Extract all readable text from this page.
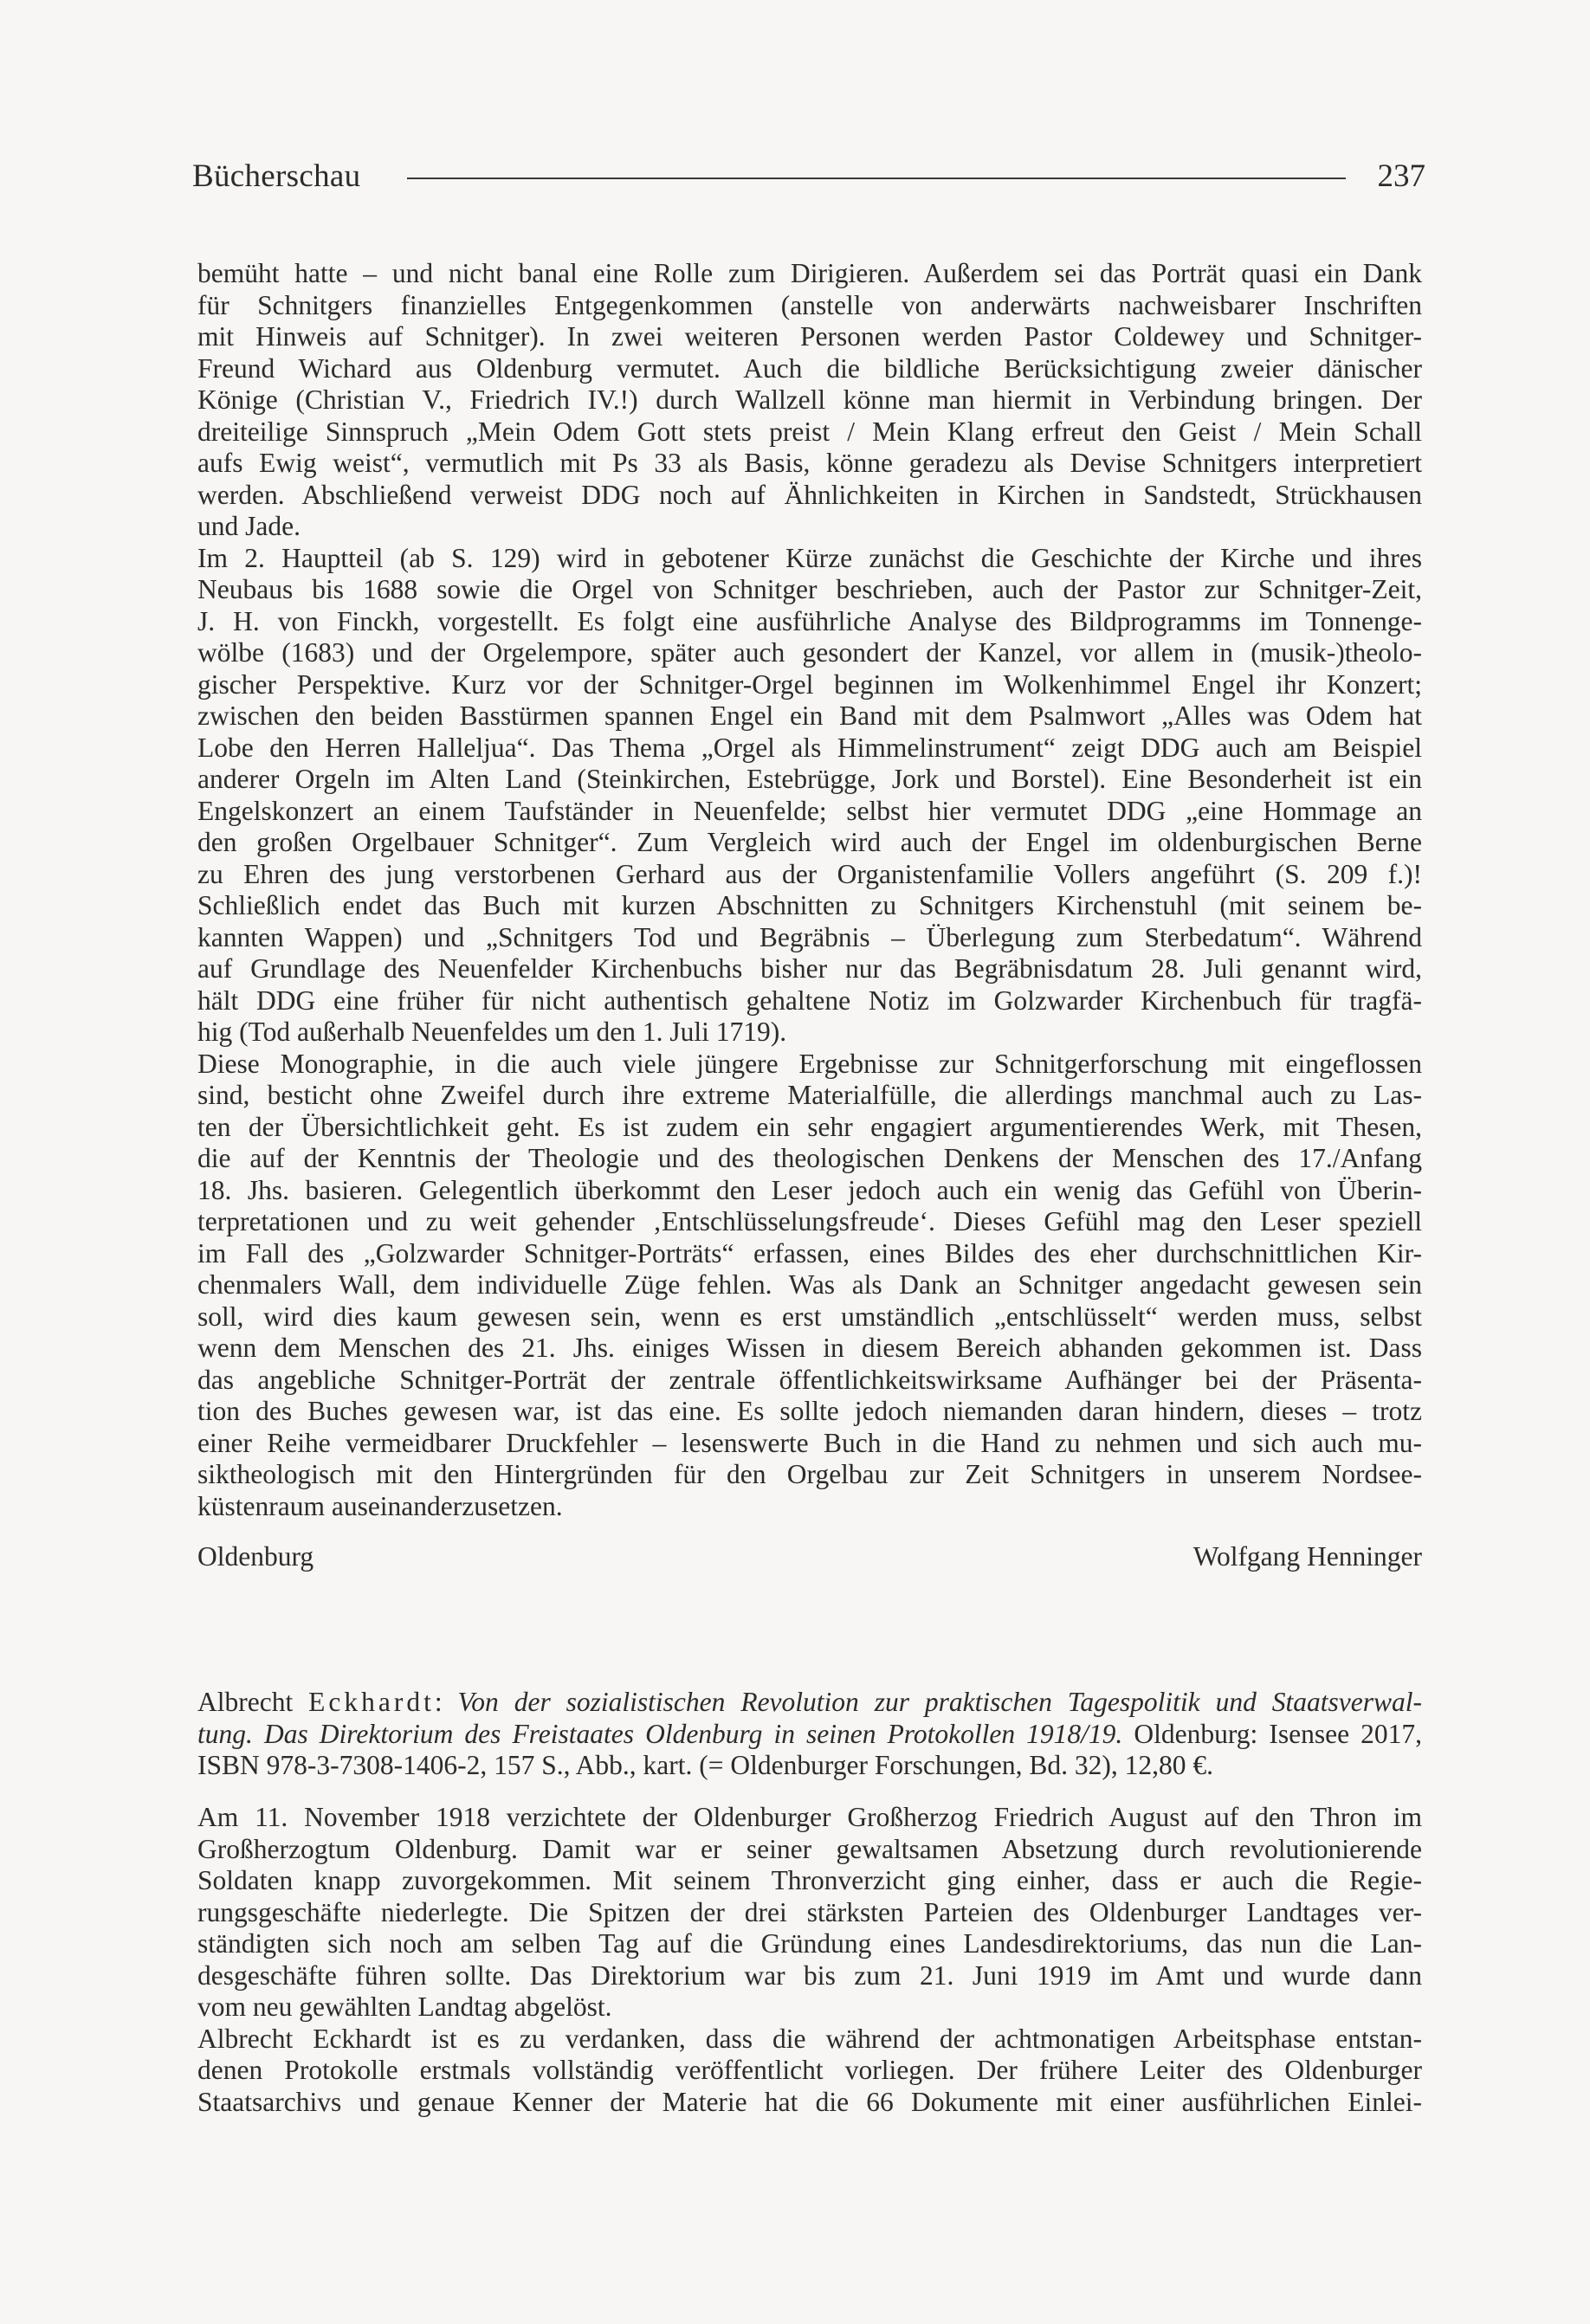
Bücherschau	237
bemüht hatte – und nicht banal eine Rolle zum Dirigieren. Außerdem sei das Porträt quasi ein Dank
für Schnitgers finanzielles Entgegenkommen (anstelle von anderwärts nachweisbarer Inschriften
mit Hinweis auf Schnitger). In zwei weiteren Personen werden Pastor Coldewey und Schnitger-
Freund Wichard aus Oldenburg vermutet. Auch die bildliche Berücksichtigung zweier dänischer
Könige (Christian V., Friedrich IV.!) durch Wallzell könne man hiermit in Verbindung bringen. Der
dreiteilige Sinnspruch „Mein Odem Gott stets preist / Mein Klang erfreut den Geist / Mein Schall
aufs Ewig weist“, vermutlich mit Ps 33 als Basis, könne geradezu als Devise Schnitgers interpretiert
werden. Abschließend verweist DDG noch auf Ähnlichkeiten in Kirchen in Sandstedt, Strückhausen
und Jade.
Im 2. Hauptteil (ab S. 129) wird in gebotener Kürze zunächst die Geschichte der Kirche und ihres
Neubaus bis 1688 sowie die Orgel von Schnitger beschrieben, auch der Pastor zur Schnitger-Zeit,
J. H. von Finckh, vorgestellt. Es folgt eine ausführliche Analyse des Bildprogramms im Tonnenge-
wölbe (1683) und der Orgelempore, später auch gesondert der Kanzel, vor allem in (musik-)theolo-
gischer Perspektive. Kurz vor der Schnitger-Orgel beginnen im Wolkenhimmel Engel ihr Konzert;
zwischen den beiden Basstürmen spannen Engel ein Band mit dem Psalmwort „Alles was Odem hat
Lobe den Herren Halleljua“. Das Thema „Orgel als Himmelinstrument“ zeigt DDG auch am Beispiel
anderer Orgeln im Alten Land (Steinkirchen, Estebrügge, Jork und Borstel). Eine Besonderheit ist ein
Engelskonzert an einem Taufständer in Neuenfelde; selbst hier vermutet DDG „eine Hommage an
den großen Orgelbauer Schnitger“. Zum Vergleich wird auch der Engel im oldenburgischen Berne
zu Ehren des jung verstorbenen Gerhard aus der Organistenfamilie Vollers angeführt (S. 209 f.)!
Schließlich endet das Buch mit kurzen Abschnitten zu Schnitgers Kirchenstuhl (mit seinem be-
kannten Wappen) und „Schnitgers Tod und Begräbnis – Überlegung zum Sterbedatum“. Während
auf Grundlage des Neuenfelder Kirchenbuchs bisher nur das Begräbnisdatum 28. Juli genannt wird,
hält DDG eine früher für nicht authentisch gehaltene Notiz im Golzwarder Kirchenbuch für tragfä-
hig (Tod außerhalb Neuenfeldes um den 1. Juli 1719).
Diese Monographie, in die auch viele jüngere Ergebnisse zur Schnitgerforschung mit eingeflossen
sind, besticht ohne Zweifel durch ihre extreme Materialfülle, die allerdings manchmal auch zu Las-
ten der Übersichtlichkeit geht. Es ist zudem ein sehr engagiert argumentierendes Werk, mit Thesen,
die auf der Kenntnis der Theologie und des theologischen Denkens der Menschen des 17./Anfang
18. Jhs. basieren. Gelegentlich überkommt den Leser jedoch auch ein wenig das Gefühl von Überin-
terpretationen und zu weit gehender ‚Entschlüsselungsfreude‘. Dieses Gefühl mag den Leser speziell
im Fall des „Golzwarder Schnitger-Porträts“ erfassen, eines Bildes des eher durchschnittlichen Kir-
chenmalers Wall, dem individuelle Züge fehlen. Was als Dank an Schnitger angedacht gewesen sein
soll, wird dies kaum gewesen sein, wenn es erst umständlich „entschlüsselt“ werden muss, selbst
wenn dem Menschen des 21. Jhs. einiges Wissen in diesem Bereich abhanden gekommen ist. Dass
das angebliche Schnitger-Porträt der zentrale öffentlichkeitswirksame Aufhänger bei der Präsenta-
tion des Buches gewesen war, ist das eine. Es sollte jedoch niemanden daran hindern, dieses – trotz
einer Reihe vermeidbarer Druckfehler – lesenswerte Buch in die Hand zu nehmen und sich auch mu-
siktheologisch mit den Hintergründen für den Orgelbau zur Zeit Schnitgers in unserem Nordsee-
küstenraum auseinanderzusetzen.
Oldenburg	Wolfgang Henninger
Albrecht Eckhardt: Von der sozialistischen Revolution zur praktischen Tagespolitik und Staatsverwal-
tung. Das Direktorium des Freistaates Oldenburg in seinen Protokollen 1918/19. Oldenburg: Isensee 2017,
ISBN 978-3-7308-1406-2, 157 S., Abb., kart. (= Oldenburger Forschungen, Bd. 32), 12,80 €.
Am 11. November 1918 verzichtete der Oldenburger Großherzog Friedrich August auf den Thron im
Großherzogtum Oldenburg. Damit war er seiner gewaltsamen Absetzung durch revolutionierende
Soldaten knapp zuvorgekommen. Mit seinem Thronverzicht ging einher, dass er auch die Regie-
rungsgeschäfte niederlegte. Die Spitzen der drei stärksten Parteien des Oldenburger Landtages ver-
ständigten sich noch am selben Tag auf die Gründung eines Landesdirektoriums, das nun die Lan-
desgeschäfte führen sollte. Das Direktorium war bis zum 21. Juni 1919 im Amt und wurde dann
vom neu gewählten Landtag abgelöst.
Albrecht Eckhardt ist es zu verdanken, dass die während der achtmonatigen Arbeitsphase entstan-
denen Protokolle erstmals vollständig veröffentlicht vorliegen. Der frühere Leiter des Oldenburger
Staatsarchivs und genaue Kenner der Materie hat die 66 Dokumente mit einer ausführlichen Einlei-
